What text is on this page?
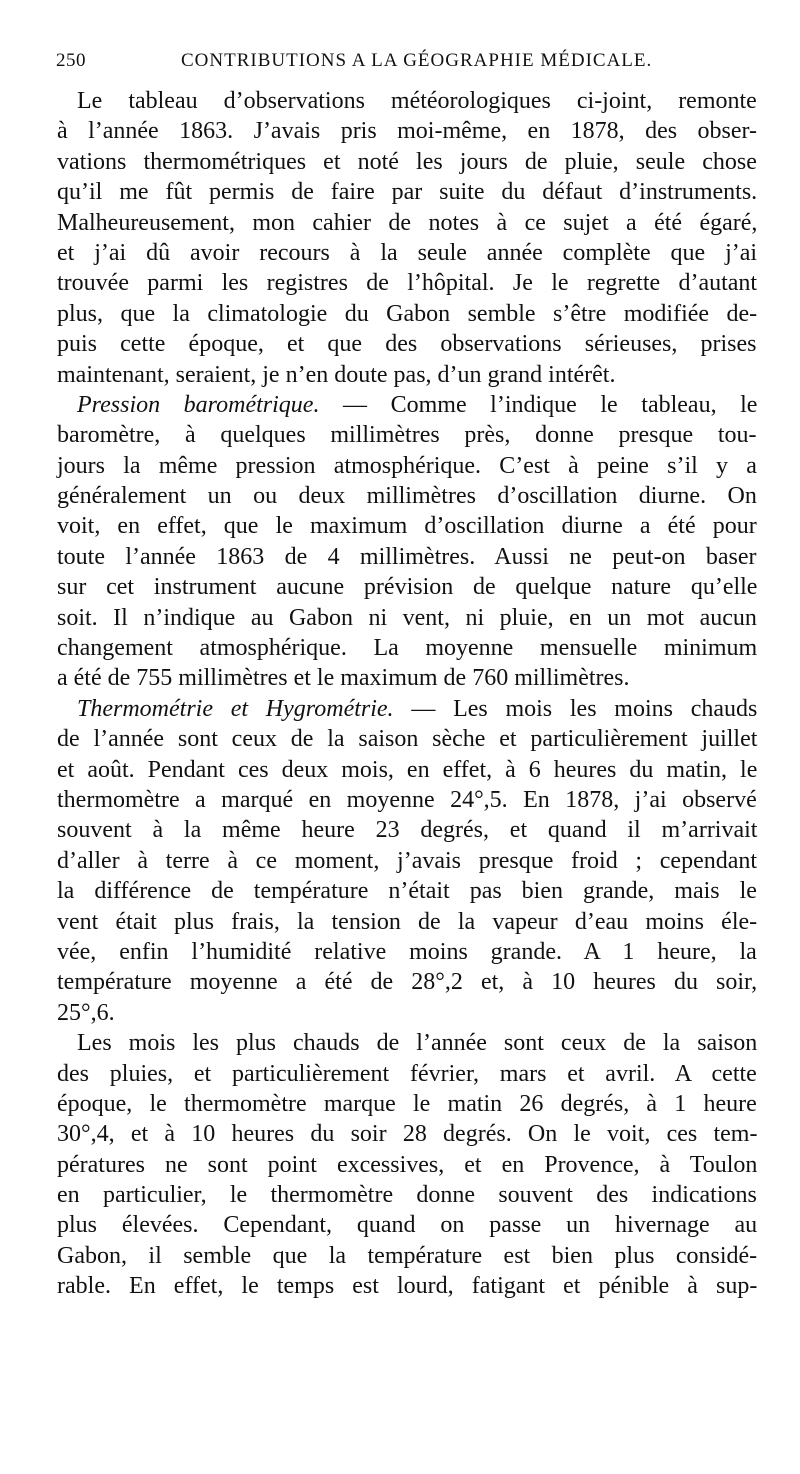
250	CONTRIBUTIONS A LA GÉOGRAPHIE MÉDICALE.
Le tableau d’observations météorologiques ci-joint, remonte
à l’année 1863. J’avais pris moi-même, en 1878, des obser-
vations thermométriques et noté les jours de pluie, seule chose
qu’il me fût permis de faire par suite du défaut d’instruments.
Malheureusement, mon cahier de notes à ce sujet a été égaré,
et j’ai dû avoir recours à la seule année complète que j’ai
trouvée parmi les registres de l’hôpital. Je le regrette d’autant
plus, que la climatologie du Gabon semble s’être modifiée de-
puis cette époque, et que des observations sérieuses, prises
maintenant, seraient, je n’en doute pas, d’un grand intérêt.
Pression barométrique. — Comme l’indique le tableau, le
baromètre, à quelques millimètres près, donne presque tou-
jours la même pression atmosphérique. C’est à peine s’il y a
généralement un ou deux millimètres d’oscillation diurne. On
voit, en effet, que le maximum d’oscillation diurne a été pour
toute l’année 1863 de 4 millimètres. Aussi ne peut-on baser
sur cet instrument aucune prévision de quelque nature qu’elle
soit. Il n’indique au Gabon ni vent, ni pluie, en un mot aucun
changement atmosphérique. La moyenne mensuelle minimum
a été de 755 millimètres et le maximum de 760 millimètres.
Thermométrie et Hygrométrie. — Les mois les moins chauds
de l’année sont ceux de la saison sèche et particulièrement juillet
et août. Pendant ces deux mois, en effet, à 6 heures du matin, le
thermomètre a marqué en moyenne 24°,5. En 1878, j’ai observé
souvent à la même heure 23 degrés, et quand il m’arrivait
d’aller à terre à ce moment, j’avais presque froid ; cependant
la différence de température n’était pas bien grande, mais le
vent était plus frais, la tension de la vapeur d’eau moins éle-
vée, enfin l’humidité relative moins grande. A 1 heure, la
température moyenne a été de 28°,2 et, à 10 heures du soir,
25°,6.
Les mois les plus chauds de l’année sont ceux de la saison
des pluies, et particulièrement février, mars et avril. A cette
époque, le thermomètre marque le matin 26 degrés, à 1 heure
30°,4, et à 10 heures du soir 28 degrés. On le voit, ces tem-
pératures ne sont point excessives, et en Provence, à Toulon
en particulier, le thermomètre donne souvent des indications
plus élevées. Cependant, quand on passe un hivernage au
Gabon, il semble que la température est bien plus considé-
rable. En effet, le temps est lourd, fatigant et pénible à sup-
